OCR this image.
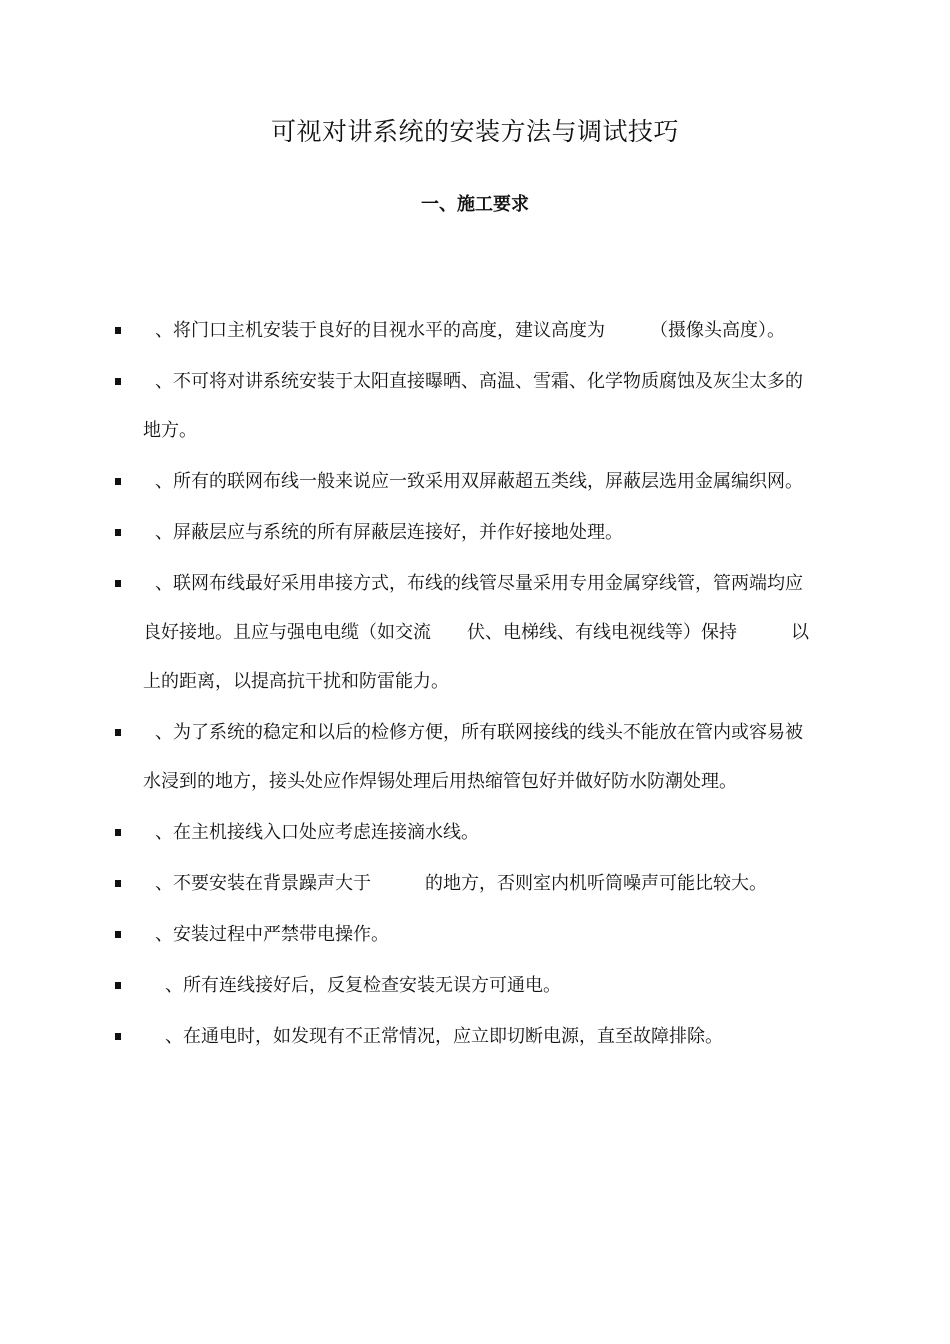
可视对讲系统的安装方法与调试技巧
一、施工要求
、将门口主机安装于良好的目视水平的高度，建议高度为　　　（摄像头高度）。
、不可将对讲系统安装于太阳直接曝晒、高温、雪霜、化学物质腐蚀及灰尘太多的地方。
、所有的联网布线一般来说应一致采用双屏蔽超五类线，屏蔽层选用金属编织网。
、屏蔽层应与系统的所有屏蔽层连接好，并作好接地处理。
、联网布线最好采用串接方式，布线的线管尽量采用专用金属穿线管，管两端均应良好接地。且应与强电电缆（如交流　　伏、电梯线、有线电视线等）保持　　　以上的距离，以提高抗干扰和防雷能力。
、为了系统的稳定和以后的检修方便，所有联网接线的线头不能放在管内或容易被水浸到的地方，接头处应作焊锡处理后用热缩管包好并做好防水防潮处理。
、在主机接线入口处应考虑连接滴水线。
、不要安装在背景躁声大于　　　的地方，否则室内机听筒噪声可能比较大。
、安装过程中严禁带电操作。
、所有连线接好后，反复检查安装无误方可通电。
、在通电时，如发现有不正常情况，应立即切断电源，直至故障排除。
